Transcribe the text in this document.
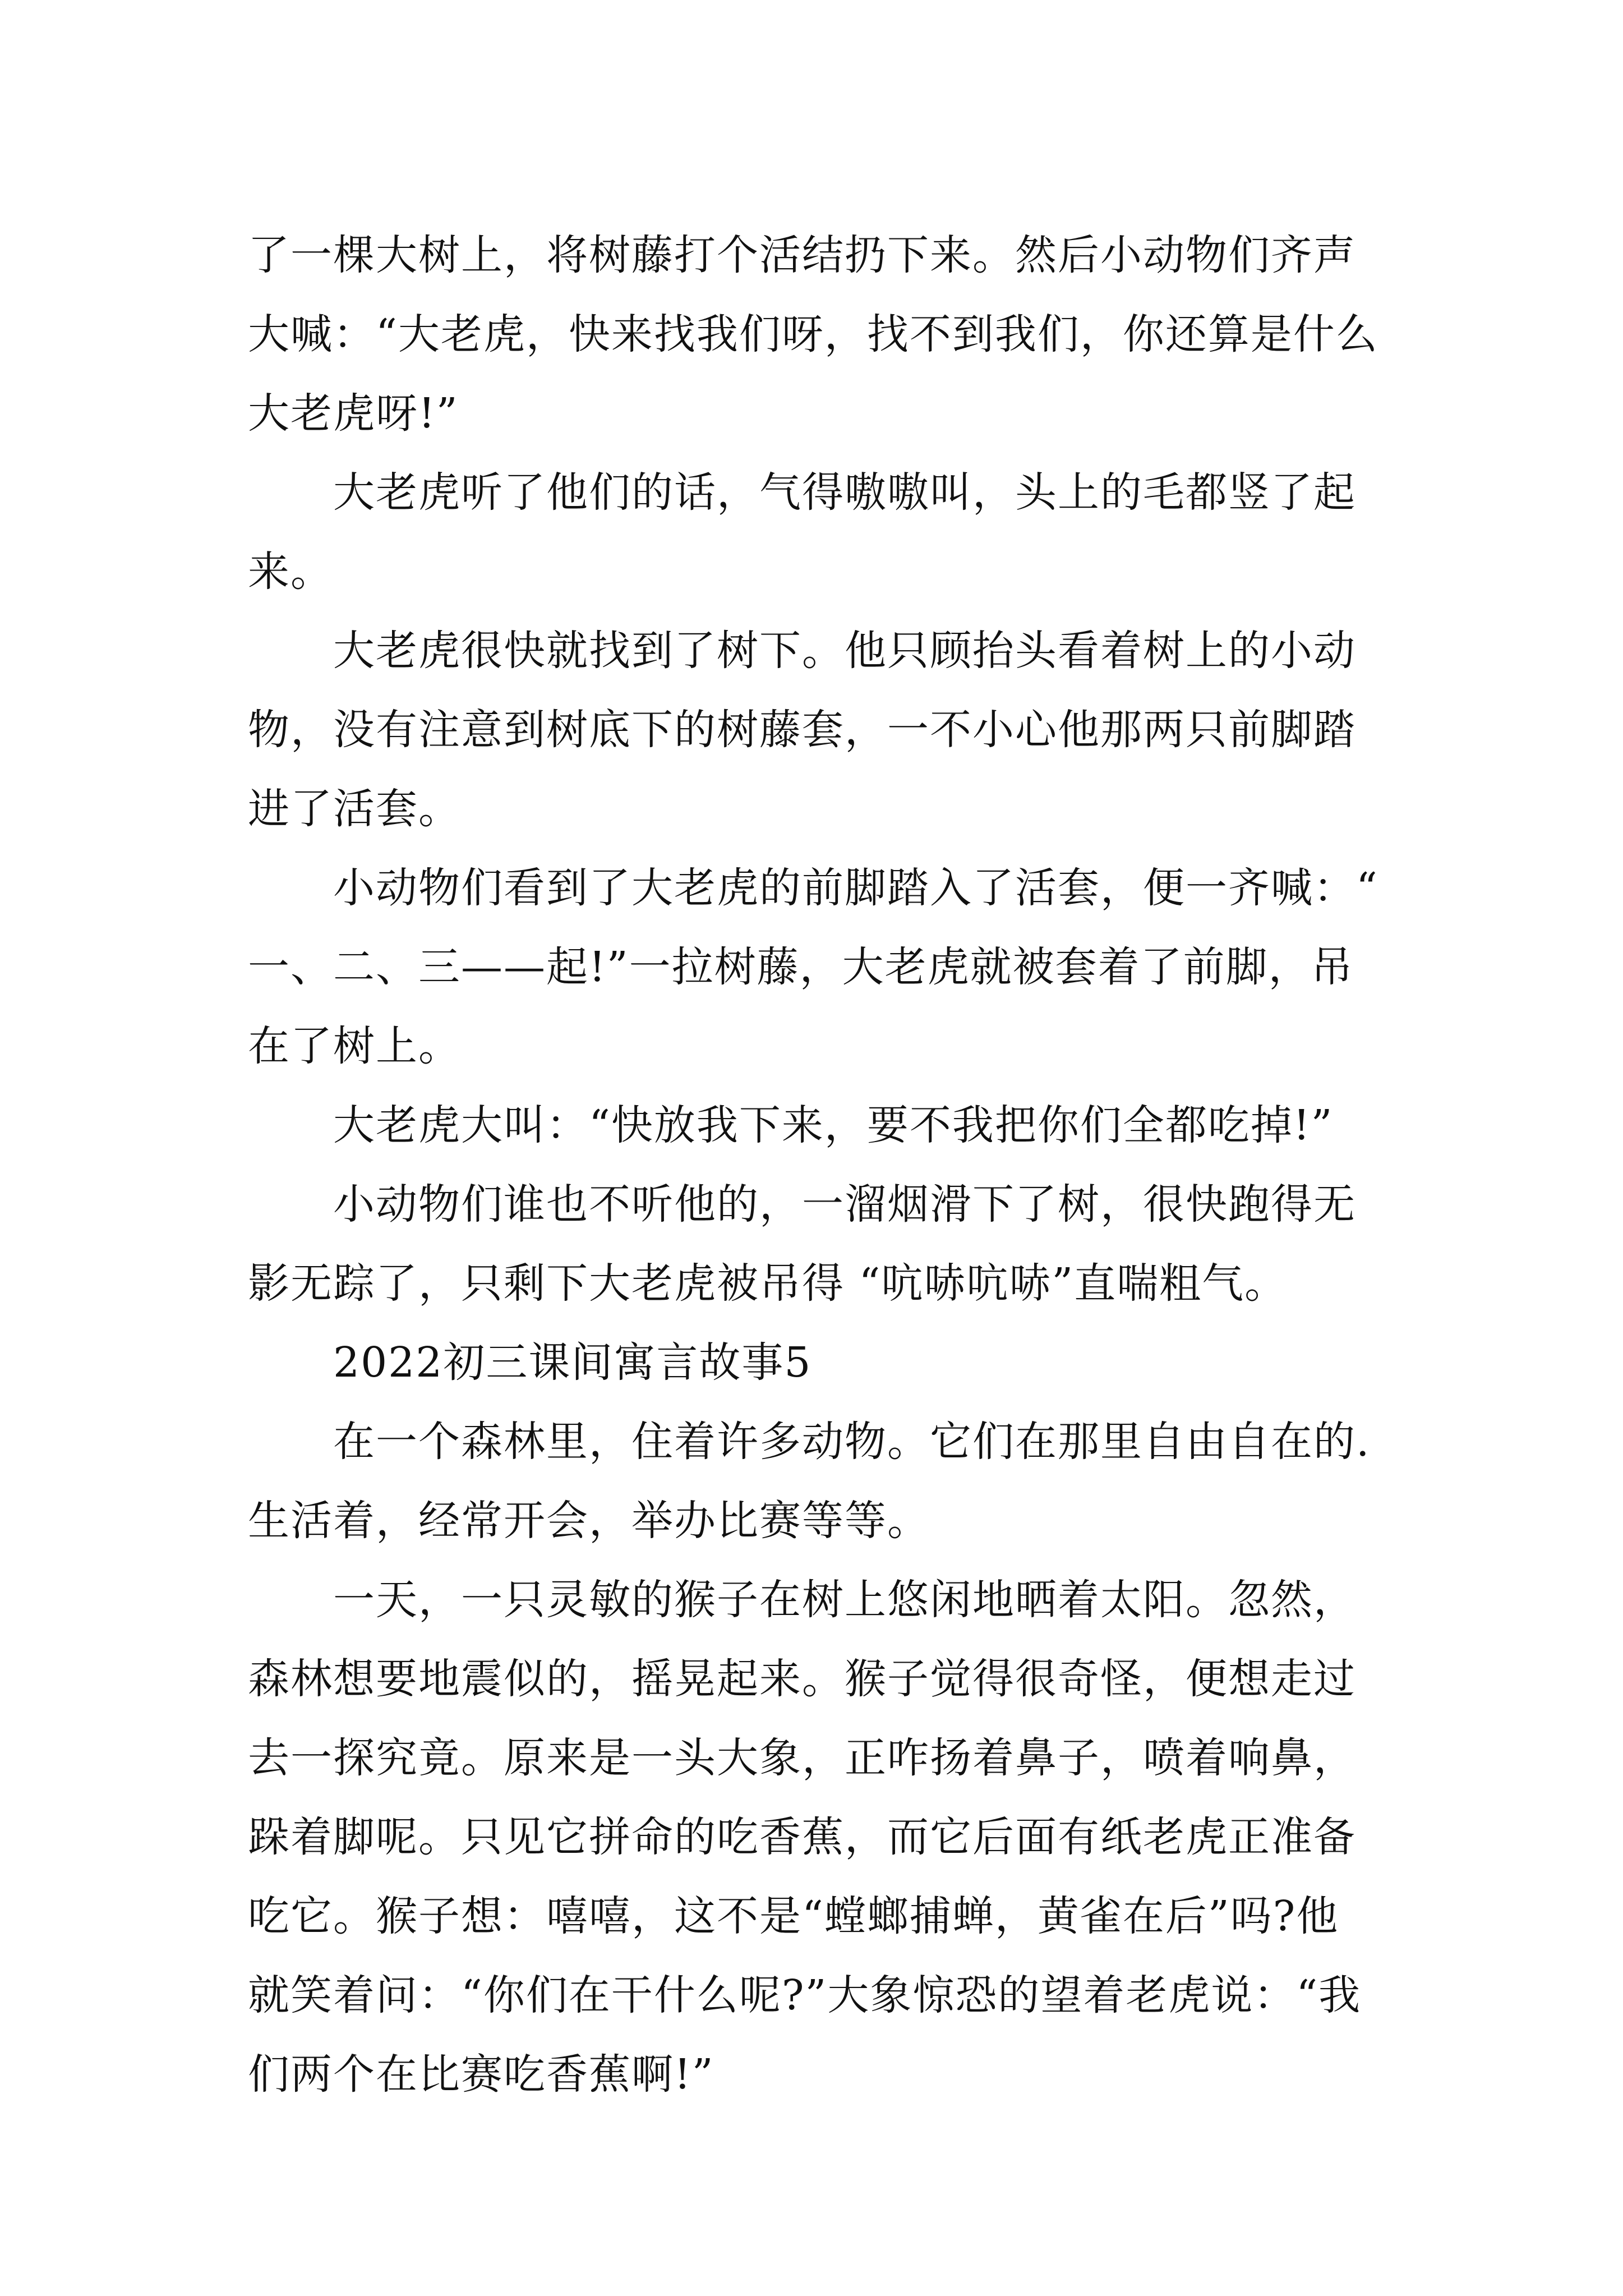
了一棵大树上，将树藤打个活结扔下来。然后小动物们齐声大喊：“大老虎，快来找我们呀，找不到我们，你还算是什么大老虎呀!”

大老虎听了他们的话，气得嗷嗷叫，头上的毛都竖了起来。

大老虎很快就找到了树下。他只顾抬头看着树上的小动物，没有注意到树底下的树藤套，一不小心他那两只前脚踏进了活套。

小动物们看到了大老虎的前脚踏入了活套，便一齐喊：“一、二、三——起!”一拉树藤，大老虎就被套着了前脚，吊在了树上。

大老虎大叫：“快放我下来，要不我把你们全都吃掉!”

小动物们谁也不听他的，一溜烟滑下了树，很快跑得无影无踪了，只剩下大老虎被吊得 “吭哧吭哧”直喘粗气。

2022初三课间寓言故事5

在一个森林里，住着许多动物。它们在那里自由自在的.生活着，经常开会，举办比赛等等。

一天，一只灵敏的猴子在树上悠闲地晒着太阳。忽然，森林想要地震似的，摇晃起来。猴子觉得很奇怪，便想走过去一探究竟。原来是一头大象，正咋扬着鼻子，喷着响鼻，跺着脚呢。只见它拼命的吃香蕉，而它后面有纸老虎正准备吃它。猴子想：嘻嘻，这不是“螳螂捕蝉，黄雀在后”吗?他就笑着问：“你们在干什么呢?”大象惊恐的望着老虎说：“我们两个在比赛吃香蕉啊!”
